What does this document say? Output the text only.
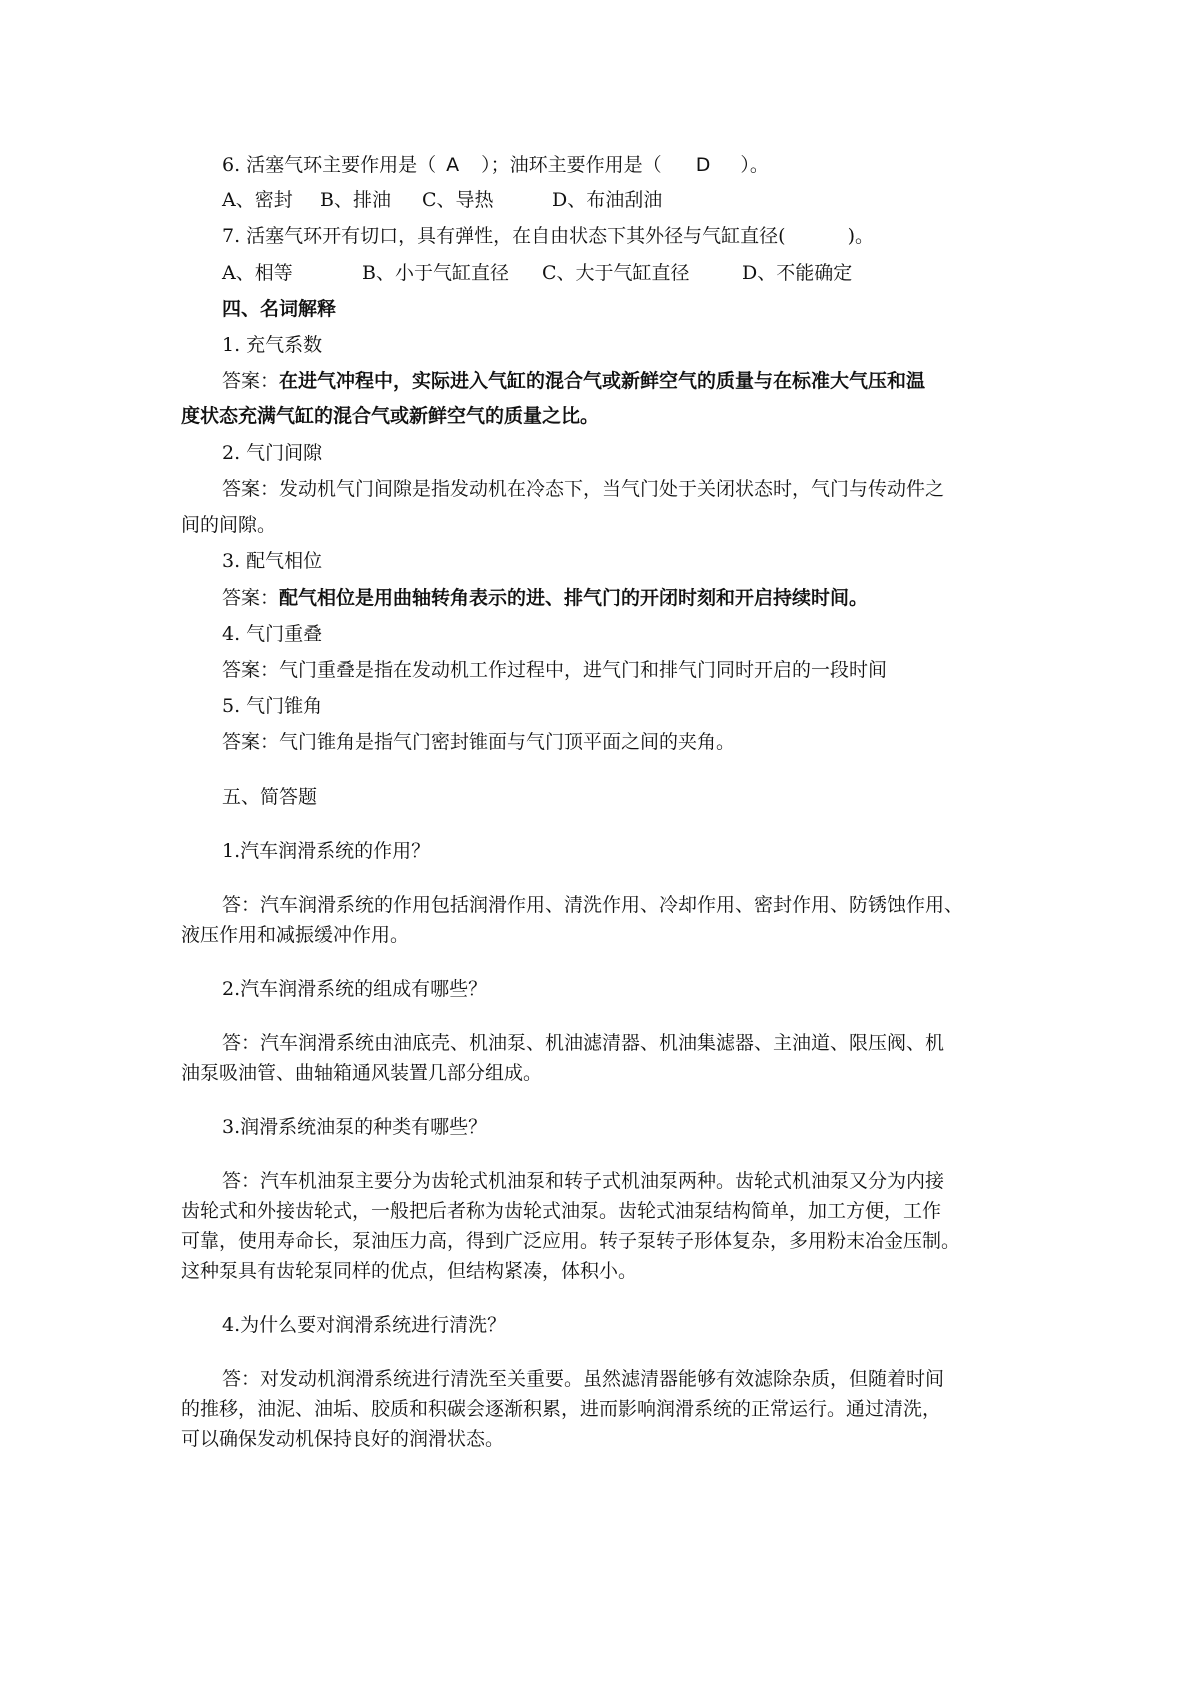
6. 活塞气环主要作用是（ A ）；油环主要作用是（ D ）。
A、密封 B、排油 C、导热	D、布油刮油
7. 活塞气环开有切口，具有弹性，在自由状态下其外径与气缸直径(	)。
A、相等	B、小于气缸直径 C、大于气缸直径	D、不能确定
四、名词解释
1. 充气系数
答案：在进气冲程中，实际进入气缸的混合气或新鲜空气的质量与在标准大气压和温
度状态充满气缸的混合气或新鲜空气的质量之比。
2. 气门间隙
答案：发动机气门间隙是指发动机在冷态下，当气门处于关闭状态时，气门与传动件之
间的间隙。
3. 配气相位
答案：配气相位是用曲轴转角表示的进、排气门的开闭时刻和开启持续时间。
4. 气门重叠
答案：气门重叠是指在发动机工作过程中，进气门和排气门同时开启的一段时间
5. 气门锥角
答案：气门锥角是指气门密封锥面与气门顶平面之间的夹角。
五、简答题
1.汽车润滑系统的作用？
答：汽车润滑系统的作用包括润滑作用、清洗作用、冷却作用、密封作用、防锈蚀作用、
液压作用和减振缓冲作用。
2.汽车润滑系统的组成有哪些？
答：汽车润滑系统由油底壳、机油泵、机油滤清器、机油集滤器、主油道、限压阀、机
油泵吸油管、曲轴箱通风装置几部分组成。
3.润滑系统油泵的种类有哪些？
答：汽车机油泵主要分为齿轮式机油泵和转子式机油泵两种。齿轮式机油泵又分为内接
齿轮式和外接齿轮式，一般把后者称为齿轮式油泵。齿轮式油泵结构简单，加工方便，工作
可靠，使用寿命长，泵油压力高，得到广泛应用。转子泵转子形体复杂，多用粉末冶金压制。
这种泵具有齿轮泵同样的优点，但结构紧凑，体积小。
4.为什么要对润滑系统进行清洗？
答：对发动机润滑系统进行清洗至关重要。虽然滤清器能够有效滤除杂质，但随着时间
的推移，油泥、油垢、胶质和积碳会逐渐积累，进而影响润滑系统的正常运行。通过清洗，
可以确保发动机保持良好的润滑状态。
